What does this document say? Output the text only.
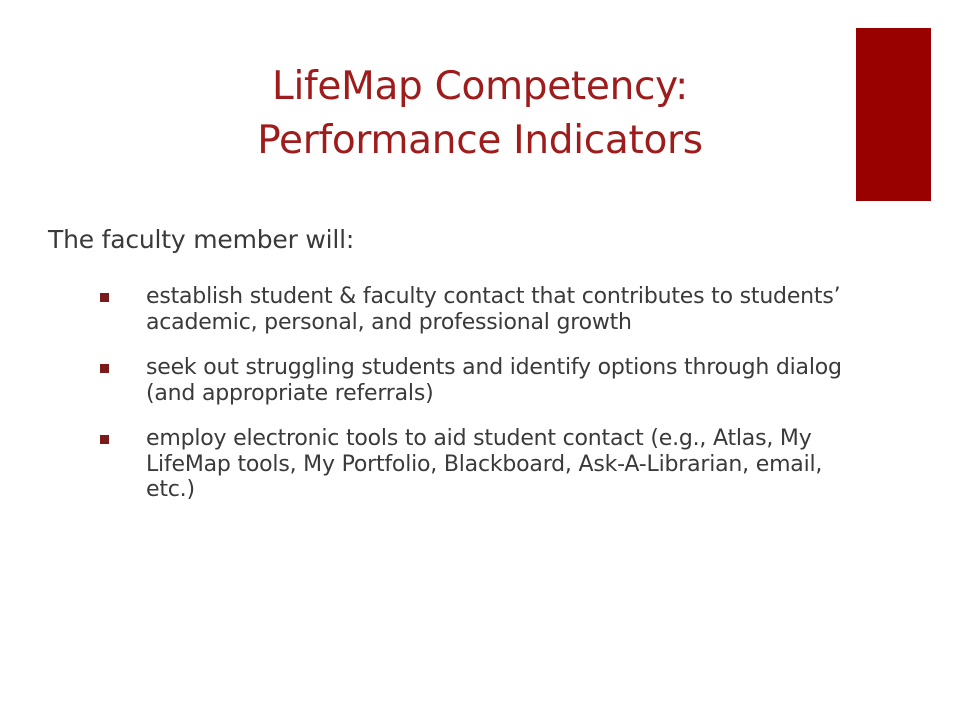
LifeMap Competency:
Performance Indicators

The faculty member will:

establish student & faculty contact that contributes to students’ academic, personal, and professional growth
seek out struggling students and identify options through dialog (and appropriate referrals)
employ electronic tools to aid student contact (e.g., Atlas, My LifeMap tools, My Portfolio, Blackboard, Ask-A-Librarian, email, etc.)
